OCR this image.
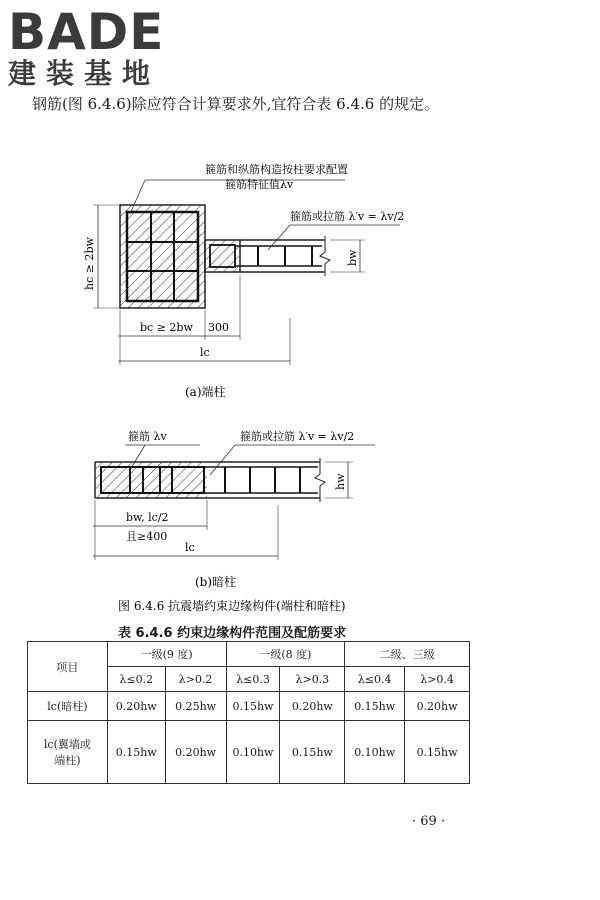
BADE
建装基地
钢筋(图 6.4.6)除应符合计算要求外,宜符合表 6.4.6 的规定。
箍筋和纵筋构造按柱要求配置
箍筋特征值λv
箍筋或拉筋 λ′v = λv/2
hc ≥ 2bw	bw
bc ≥ 2bw 300
lc
(a)端柱
箍筋 λv	箍筋或拉筋 λ′v = λv/2
hw
bw, lc/2
且≥400
lc
(b)暗柱
图 6.4.6 抗震墙约束边缘构件(端柱和暗柱)
表 6.4.6 约束边缘构件范围及配筋要求
项目	一级(9 度)		一级(8 度)		二级、三级	
	λ≤0.2	λ>0.2	λ≤0.3	λ>0.3	λ≤0.4	λ>0.4
lc(暗柱)	0.20hw	0.25hw	0.15hw	0.20hw	0.15hw	0.20hw
lc(翼墙或端柱)	0.15hw	0.20hw	0.10hw	0.15hw	0.10hw	0.15hw
· 69 ·
